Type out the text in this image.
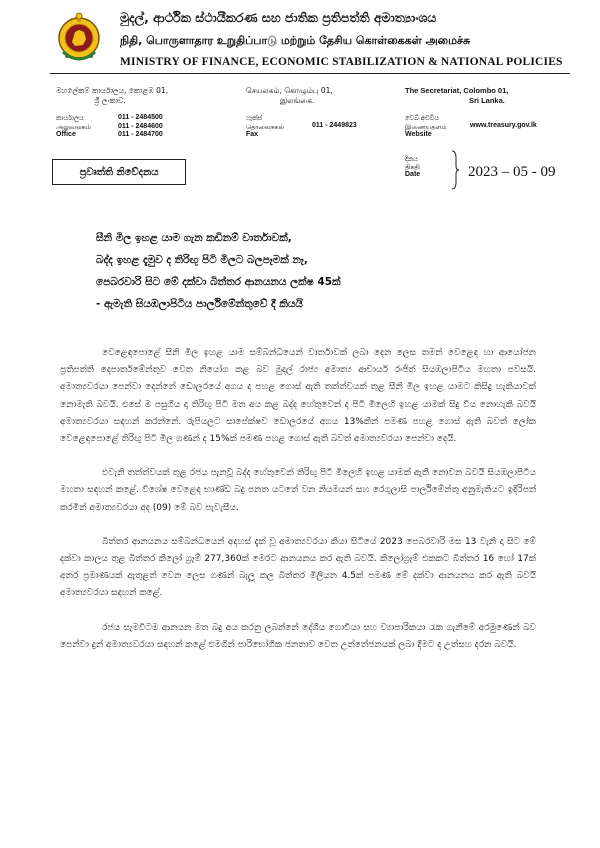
මුදල්, ආර්ථික ස්ථායීකරණ සහ ජාතික ප්‍රතිපත්ති අමාත්‍යාංශය
நிதி, பொருளாதார உறுதிப்பாடு மற்றும் தேசிய கொள்கைகள் அமைச்சு
MINISTRY OF FINANCE, ECONOMIC STABILIZATION & NATIONAL POLICIES
මහලේකම් කාර්යාලය, කොළඹ 01,
ශ්‍රී ලංකාව.
செயலகம், கொழும்பு 01,
இலங்கை.
The Secretariat, Colombo 01,
Sri Lanka.
කාර්යාලය
அலுவலகம்
Office
011 - 2484500
011 - 2484600
011 - 2484700
ෆැක්ස්
தொலைநகல்
Fax
011 - 2449823
වෙබ් අඩවිය
இணையதளம்
Website
www.treasury.gov.lk
ප්‍රවෘත්ති නිවේදනය
දිනය
திகதி
Date	2023 – 05 - 09
සීනි මිල ඉහළ යාම ගැන කඩිනම් වාර්තාවක්,
බද්ද ඉහළ දැමුව ද තිරිඟු පිටි මිලට බලපෑමක් නෑ,
පෙබරවාරි සිට මේ දක්වා බිත්තර ආනයනය ලක්ෂ 45ක්
- ඇමැති සියඹලාපිටිය පාර්ලිමේන්තුවේ දී කියයි

වෙළෙඳපොළේ සීනි මිල ඉහළ යාම සම්බන්ධයෙන් වාර්තාවක් ලබා දෙන ලෙස තමන් වෙළෙඳ හා ආයෝජන ප්‍රතිපත්ති දෙපාර්තමේන්තුව වෙත නියෝග කළ බව මුදල් රාජ්‍ය අමාත්‍ය ආචාර්ය රංජිත් සියඹලාපිටිය මහතා පවසයි. අමාත්‍යවරයා පෙන්වා දෙන්නේ ඩොලරයේ අගය ද පහළ ගොස් ඇති තත්ත්වයක් තුළ සීනි මිල ඉහළ යාමට කිසිදු හැකියාවක් නොමැති බවයි. එසේ ම පසුගිය දා තිරිඟු පිටි මත අය කළ බද්ද හේතුවෙන් ද පිටි මිලෙහි ඉහළ යාමක් සිදු විය නොහැකි බවයි අමාත්‍යවරයා සඳහන් කරන්නේ. රුපියලට සාපේක්ෂව ඩොලරයේ අගය 13%කින් පමණ පහළ ගොස් ඇති බවත් ලෝක වෙළෙඳපොළේ තිරිඟු පිටි මිල ගණන් ද 15%ක් පමණ පහළ ගොස් ඇති බවත් අමාත්‍යවරයා පෙන්වා දෙයි.

එවැනි තත්ත්වයක් තුළ රජය පැනවූ බද්ද හේතුවෙන් තිරිඟු පිටි මිලෙහි ඉහළ යාමක් ඇති නොවන බවයි සියඹලාපිටිය මහතා සඳහන් කළේ. විශේෂ වෙළෙඳ භාණ්ඩ බදු පනත යටතේ වන නියමයන් සහ රෙගුලාසි පාර්ලිමේන්තු අනුමැතියට ඉදිරිපත් කරමින් අමාත්‍යවරයා අද (09) මේ බව පැවැසීය.

බිත්තර ආනයනය සම්බන්ධයෙන් අදහස් දැක් වූ අමාත්‍යවරයා කියා සිටියේ 2023 පෙබරවාරි මස 13 වැනි දා සිට මේ දක්වා කාලය තුළ බිත්තර කිලෝ ග්‍රෑම් 277,360ක් මෙරට ආනයනය කර ඇති බවයි. කිලෝග්‍රෑම් එකකට බිත්තර 16 හෝ 17ක් අතර ප්‍රමාණයක් ඇතුළත් වෙන ලෙස ගණන් බැලූ කල බිත්තර මිලියන 4.5ක් පමණ මේ දක්වා ආනයනය කර ඇති බවයි අමාත්‍යවරයා සඳහන් කළේ.

රජය සැමවිටම ආනයන මත බදු අය කරනු ලබන්නේ දේශීය ගොවියා සහ ව්‍යාපාරිකයා රැක ගැනීමේ අරමුණෙන් බව පෙන්වා දුන් අමාත්‍යවරයා සඳහන් කළේ එමගින් පාරිභෝගික ජනතාව වෙත උත්තේජනයක් ලබා දීමට ද උත්සහ දරන බවයි.
